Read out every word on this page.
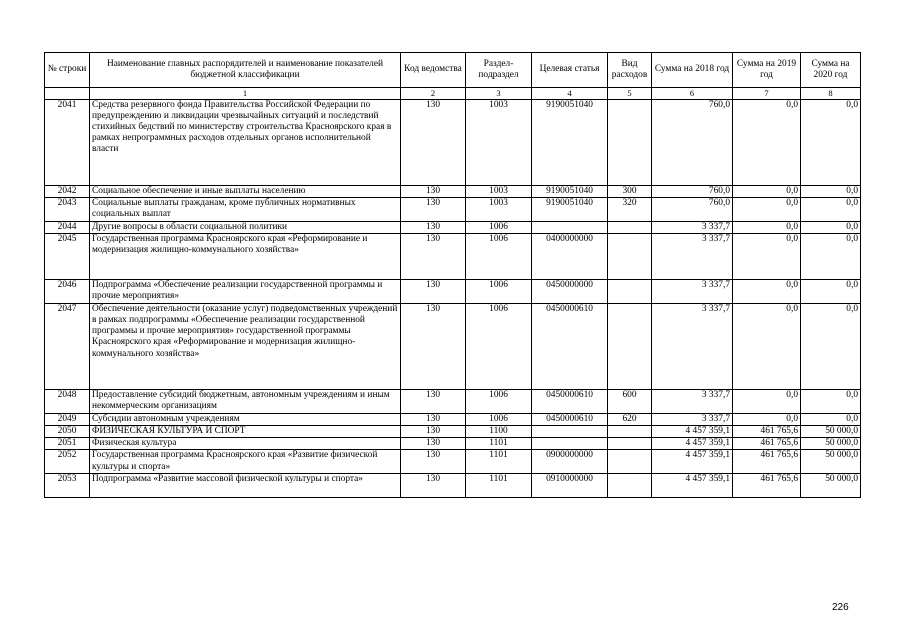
№ строки	Наименование главных распорядителей и наименование показателей бюджетной классификации	Код ведомства	Раздел-подраздел	Целевая статья	Вид расходов	Сумма на 2018 год	Сумма на 2019 год	Сумма на 2020 год
	1	2	3	4	5	6	7	8
2041	Средства резервного фонда Правительства Российской Федерации по предупреждению и ликвидации чрезвычайных ситуаций и последствий стихийных бедствий по министерству строительства Красноярского края в рамках непрограммных расходов отдельных органов исполнительной власти	130	1003	9190051040		760,0	0,0	0,0
2042	Социальное обеспечение и иные выплаты населению	130	1003	9190051040	300	760,0	0,0	0,0
2043	Социальные выплаты гражданам, кроме публичных нормативных социальных выплат	130	1003	9190051040	320	760,0	0,0	0,0
2044	Другие вопросы в области социальной политики	130	1006			3 337,7	0,0	0,0
2045	Государственная программа Красноярского края «Реформирование и модернизация жилищно-коммунального хозяйства»	130	1006	0400000000		3 337,7	0,0	0,0
2046	Подпрограмма «Обеспечение реализации государственной программы и прочие мероприятия»	130	1006	0450000000		3 337,7	0,0	0,0
2047	Обеспечение деятельности (оказание услуг) подведомственных учреждений в рамках подпрограммы «Обеспечение реализации государственной программы и прочие мероприятия» государственной программы Красноярского края «Реформирование и модернизация жилищно-коммунального хозяйства»	130	1006	0450000610		3 337,7	0,0	0,0
2048	Предоставление субсидий бюджетным, автономным учреждениям и иным некоммерческим организациям	130	1006	0450000610	600	3 337,7	0,0	0,0
2049	Субсидии автономным учреждениям	130	1006	0450000610	620	3 337,7	0,0	0,0
2050	ФИЗИЧЕСКАЯ КУЛЬТУРА И СПОРТ	130	1100			4 457 359,1	461 765,6	50 000,0
2051	Физическая культура	130	1101			4 457 359,1	461 765,6	50 000,0
2052	Государственная программа Красноярского края «Развитие физической культуры и спорта»	130	1101	0900000000		4 457 359,1	461 765,6	50 000,0
2053	Подпрограмма «Развитие массовой физической культуры и спорта»	130	1101	0910000000		4 457 359,1	461 765,6	50 000,0
226
